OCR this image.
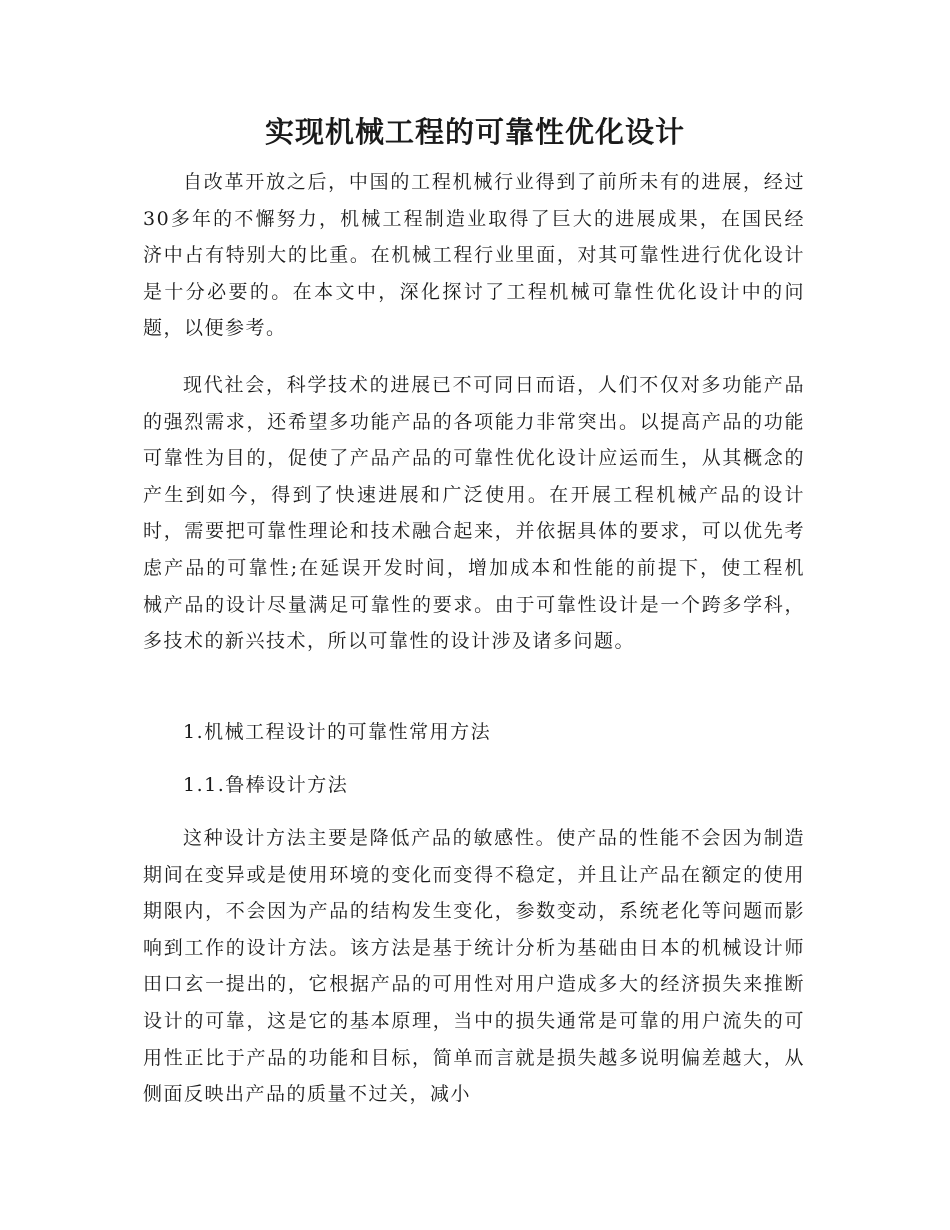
实现机械工程的可靠性优化设计

自改革开放之后，中国的工程机械行业得到了前所未有的进展，经过30多年的不懈努力，机械工程制造业取得了巨大的进展成果，在国民经济中占有特别大的比重。在机械工程行业里面，对其可靠性进行优化设计是十分必要的。在本文中，深化探讨了工程机械可靠性优化设计中的问题，以便参考。

现代社会，科学技术的进展已不可同日而语，人们不仅对多功能产品的强烈需求，还希望多功能产品的各项能力非常突出。以提高产品的功能可靠性为目的，促使了产品产品的可靠性优化设计应运而生，从其概念的产生到如今，得到了快速进展和广泛使用。在开展工程机械产品的设计时，需要把可靠性理论和技术融合起来，并依据具体的要求，可以优先考虑产品的可靠性;在延误开发时间，增加成本和性能的前提下，使工程机械产品的设计尽量满足可靠性的要求。由于可靠性设计是一个跨多学科，多技术的新兴技术，所以可靠性的设计涉及诸多问题。

1.机械工程设计的可靠性常用方法

1.1.鲁棒设计方法

这种设计方法主要是降低产品的敏感性。使产品的性能不会因为制造期间在变异或是使用环境的变化而变得不稳定，并且让产品在额定的使用期限内，不会因为产品的结构发生变化，参数变动，系统老化等问题而影响到工作的设计方法。该方法是基于统计分析为基础由日本的机械设计师田口玄一提出的，它根据产品的可用性对用户造成多大的经济损失来推断设计的可靠，这是它的基本原理，当中的损失通常是可靠的用户流失的可用性正比于产品的功能和目标，简单而言就是损失越多说明偏差越大，从侧面反映出产品的质量不过关，减小
